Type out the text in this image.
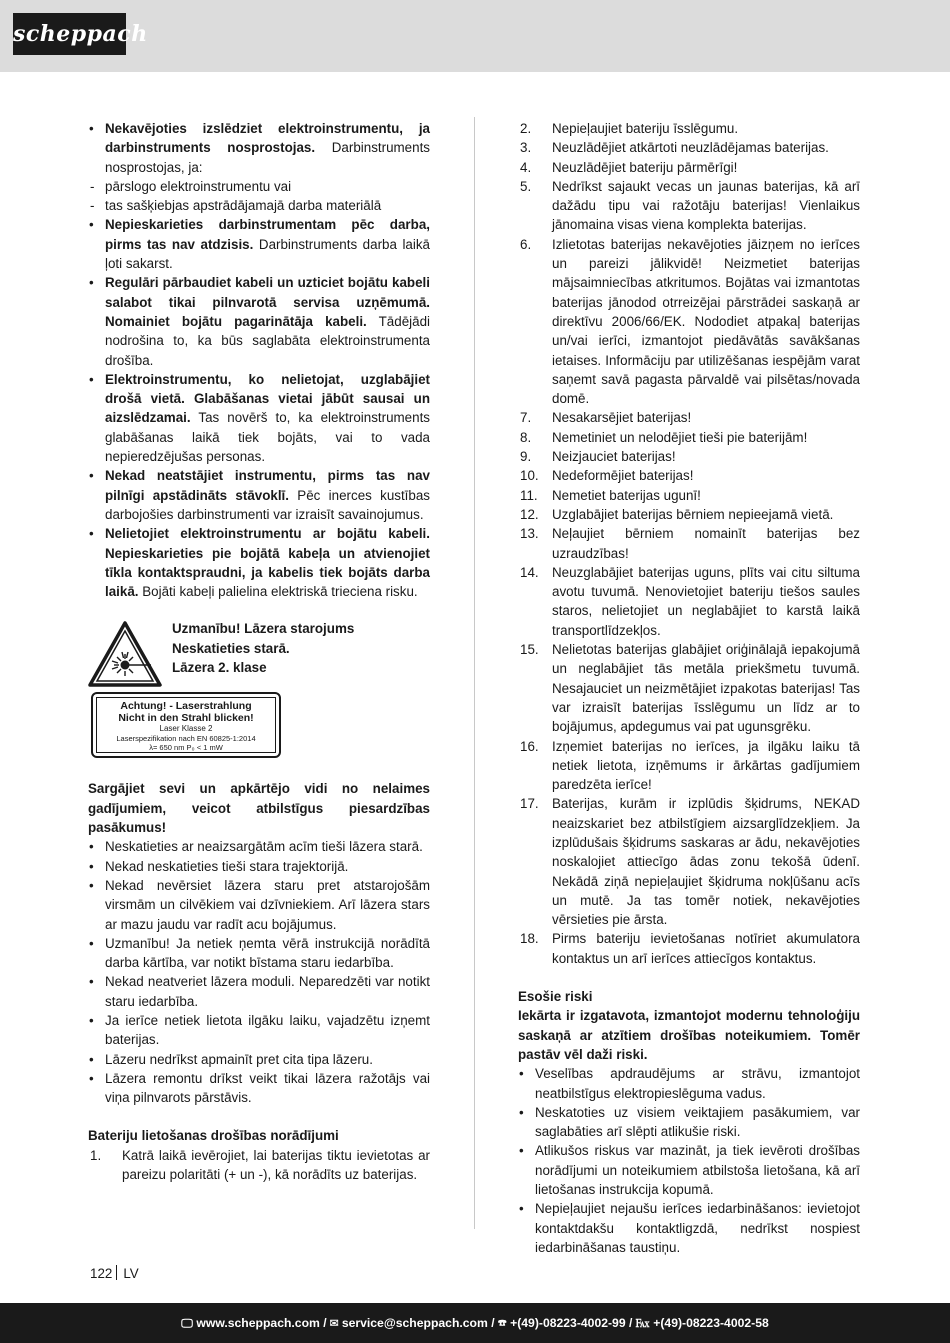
scheppach
• Nekavējoties izslēdziet elektroinstrumentu, ja darbinstruments nosprostojas. Darbinstruments nosprostojas, ja:
- pārslogo elektroinstrumentu vai
- tas sašķiebjas apstrādājamajā darba materiālā
• Nepieskarieties darbinstrumentam pēc darba, pirms tas nav atdzisis. Darbinstruments darba laikā ļoti sakarst.
• Regulāri pārbaudiet kabeli un uzticiet bojātu kabeli salabot tikai pilnvarotā servisa uzņēmumā. Nomainiet bojātu pagarinātāja kabeli. Tādējādi nodrošina to, ka būs saglabāta elektroinstrumenta drošība.
• Elektroinstrumentu, ko nelietojat, uzglabājiet drošā vietā. Glabāšanas vietai jābūt sausai un aizslēdzamai. Tas novērš to, ka elektroinstruments glabāšanas laikā tiek bojāts, vai to vada nepieredzējušas personas.
• Nekad neatstājiet instrumentu, pirms tas nav pilnīgi apstādināts stāvoklī. Pēc inerces kustības darbojošies darbinstrumenti var izraisīt savainojumus.
• Nelietojiet elektroinstrumentu ar bojātu kabeli. Nepieskarieties pie bojātā kabeļa un atvienojiet tīkla kontaktspraudni, ja kabelis tiek bojāts darba laikā. Bojāti kabeļi palielina elektriskā trieciena risku.
Uzmanību! Lāzera starojums
Neskatieties starā.
Lāzera 2. klase
Achtung! - Laserstrahlung
Nicht in den Strahl blicken!
Laser Klasse 2
Laserspezifikation nach EN 60825-1:2014
λ= 650 nm P₀ < 1 mW
Sargājiet sevi un apkārtējo vidi no nelaimes gadījumiem, veicot atbilstīgus piesardzības pasākumus!
• Neskatieties ar neaizsargātām acīm tieši lāzera starā.
• Nekad neskatieties tieši stara trajektorijā.
• Nekad nevērsiet lāzera staru pret atstarojošām virsmām un cilvēkiem vai dzīvniekiem. Arī lāzera stars ar mazu jaudu var radīt acu bojājumus.
• Uzmanību! Ja netiek ņemta vērā instrukcijā norādītā darba kārtība, var notikt bīstama staru iedarbība.
• Nekad neatveriet lāzera moduli. Neparedzēti var notikt staru iedarbība.
• Ja ierīce netiek lietota ilgāku laiku, vajadzētu izņemt baterijas.
• Lāzeru nedrīkst apmainīt pret cita tipa lāzeru.
• Lāzera remontu drīkst veikt tikai lāzera ražotājs vai viņa pilnvarots pārstāvis.
Bateriju lietošanas drošības norādījumi
1. Katrā laikā ievērojiet, lai baterijas tiktu ievietotas ar pareizu polaritāti (+ un -), kā norādīts uz baterijas.
2. Nepieļaujiet bateriju īsslēgumu.
3. Neuzlādējiet atkārtoti neuzlādējamas baterijas.
4. Neuzlādējiet bateriju pārmērīgi!
5. Nedrīkst sajaukt vecas un jaunas baterijas, kā arī dažādu tipu vai ražotāju baterijas! Vienlaikus jānomaina visas viena komplekta baterijas.
6. Izlietotas baterijas nekavējoties jāizņem no ierīces un pareizi jālikvidē! Neizmetiet baterijas mājsaimniecības atkritumos. Bojātas vai izmantotas baterijas jānodod otrreizējai pārstrādei saskaņā ar direktīvu 2006/66/EK. Nododiet atpakaļ baterijas un/vai ierīci, izmantojot piedāvātās savākšanas ietaises. Informāciju par utilizēšanas iespējām varat saņemt savā pagasta pārvaldē vai pilsētas/novada domē.
7. Nesakarsējiet baterijas!
8. Nemetiniet un nelodējiet tieši pie baterijām!
9. Neizjauciet baterijas!
10. Nedeformējiet baterijas!
11. Nemetiet baterijas ugunī!
12. Uzglabājiet baterijas bērniem nepieejamā vietā.
13. Neļaujiet bērniem nomainīt baterijas bez uzraudzības!
14. Neuzglabājiet baterijas uguns, plīts vai citu siltuma avotu tuvumā. Nenovietojiet bateriju tiešos saules staros, nelietojiet un neglabājiet to karstā laikā transportlīdzekļos.
15. Nelietotas baterijas glabājiet oriģinālajā iepakojumā un neglabājiet tās metāla priekšmetu tuvumā. Nesajauciet un neizmētājiet izpakotas baterijas! Tas var izraisīt baterijas īsslēgumu un līdz ar to bojājumus, apdegumus vai pat ugunsgrēku.
16. Izņemiet baterijas no ierīces, ja ilgāku laiku tā netiek lietota, izņēmums ir ārkārtas gadījumiem paredzēta ierīce!
17. Baterijas, kurām ir izplūdis šķidrums, NEKAD neaizskariet bez atbilstīgiem aizsarglīdzekļiem. Ja izplūdušais šķidrums saskaras ar ādu, nekavējoties noskalojiet attiecīgo ādas zonu tekošā ūdenī. Nekādā ziņā nepieļaujiet šķidruma nokļūšanu acīs un mutē. Ja tas tomēr notiek, nekavējoties vērsieties pie ārsta.
18. Pirms bateriju ievietošanas notīriet akumulatora kontaktus un arī ierīces attiecīgos kontaktus.
Esošie riski
Iekārta ir izgatavota, izmantojot modernu tehnoloģiju saskaņā ar atzītiem drošības noteikumiem. Tomēr pastāv vēl daži riski.
• Veselības apdraudējums ar strāvu, izmantojot neatbilstīgus elektropieslēguma vadus.
• Neskatoties uz visiem veiktajiem pasākumiem, var saglabāties arī slēpti atlikušie riski.
• Atlikušos riskus var mazināt, ja tiek ievēroti drošības norādījumi un noteikumiem atbilstoša lietošana, kā arī lietošanas instrukcija kopumā.
• Nepieļaujiet nejaušu ierīces iedarbināšanos: ievietojot kontaktdakšu kontaktligzdā, nedrīkst nospiest iedarbināšanas taustiņu.
122 LV
🖵 www.scheppach.com / ✉ service@scheppach.com / ☎ +(49)-08223-4002-99 / ℻ +(49)-08223-4002-58
